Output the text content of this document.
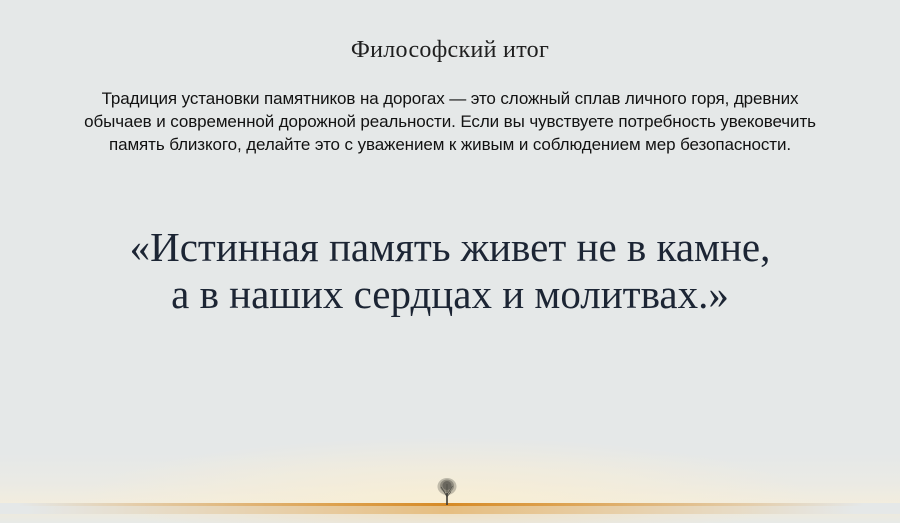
Философский итог

Традиция установки памятников на дорогах — это сложный сплав личного горя, древних
обычаев и современной дорожной реальности. Если вы чувствуете потребность увековечить
память близкого, делайте это с уважением к живым и соблюдением мер безопасности.

«Истинная память живет не в камне,
а в наших сердцах и молитвах.»
